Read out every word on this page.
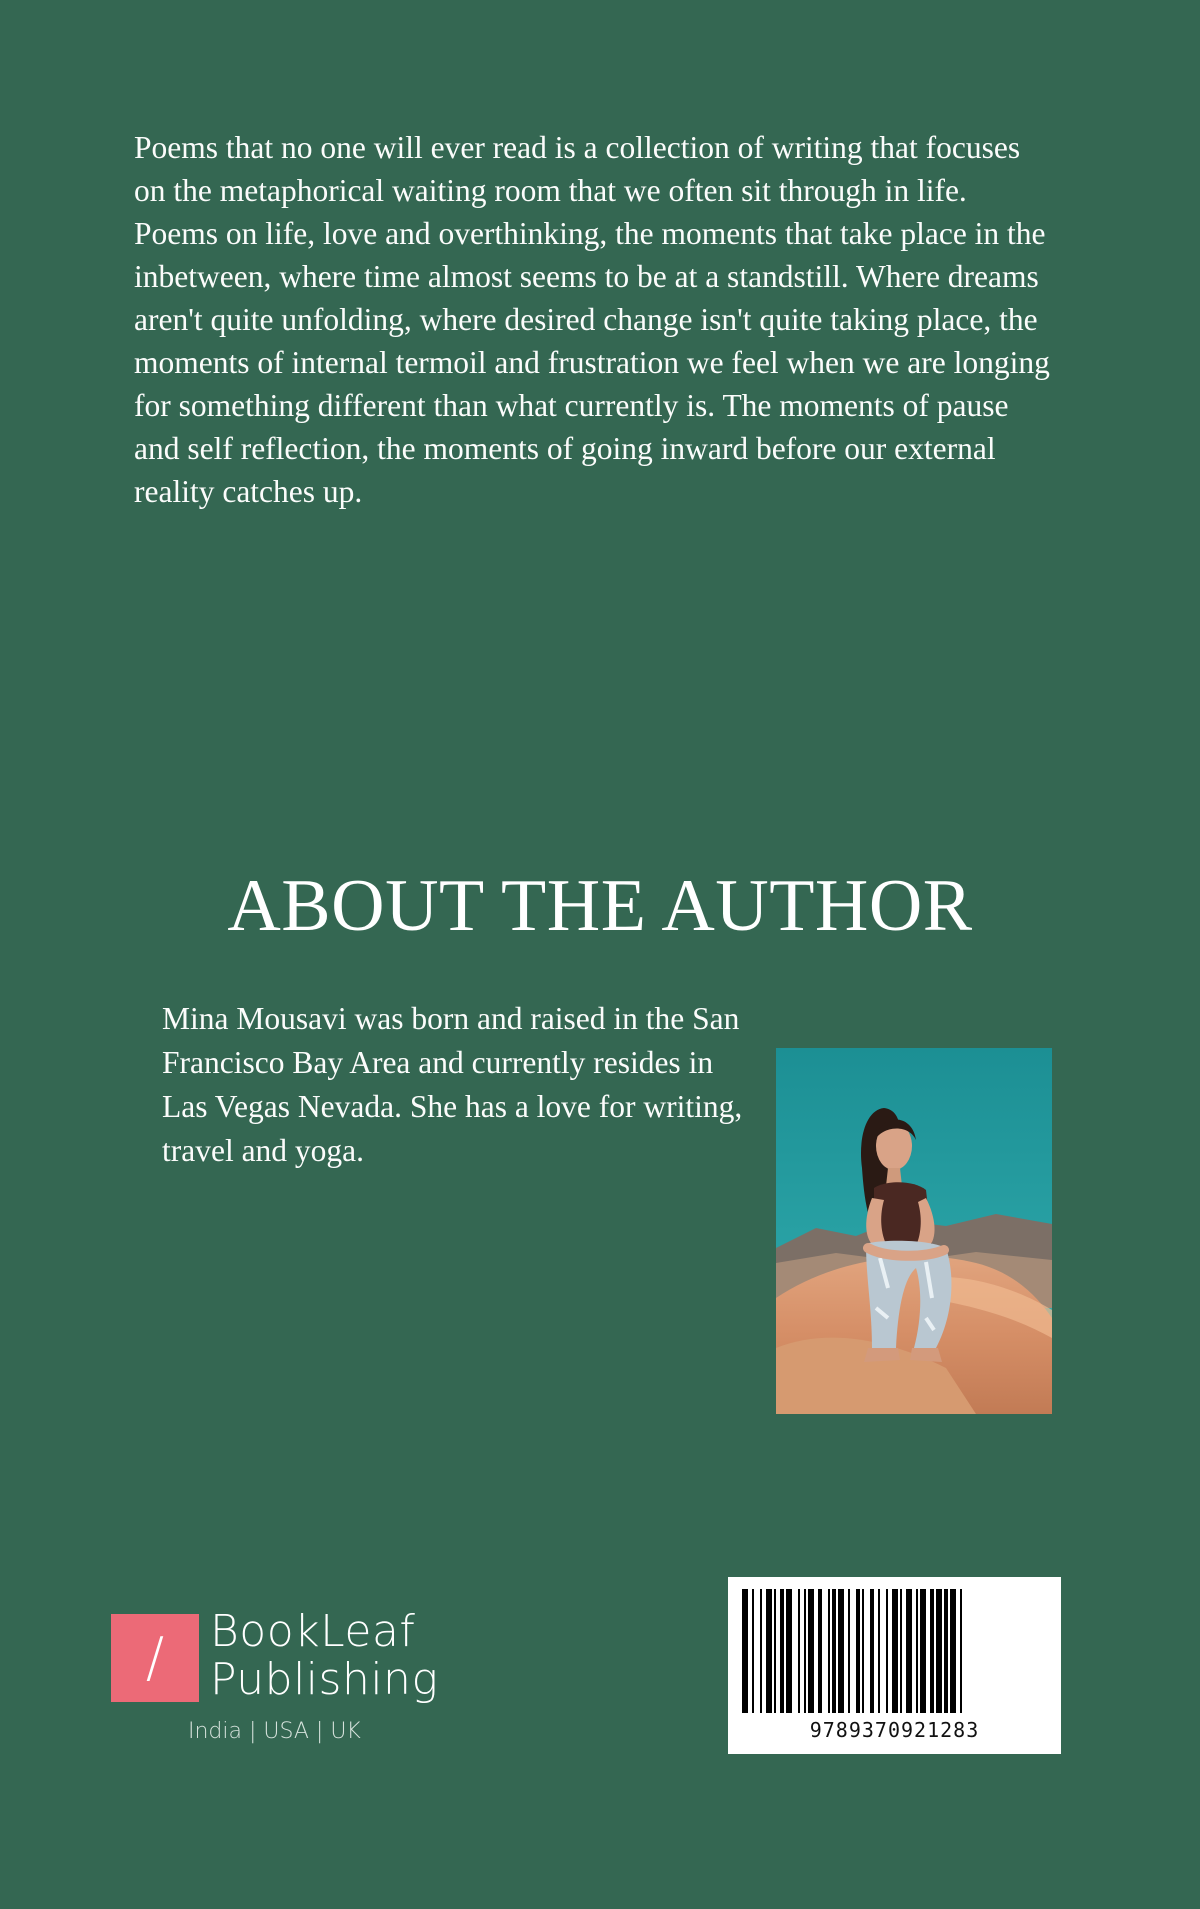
Poems that no one will ever read is a collection of writing that focuses
on the metaphorical waiting room that we often sit through in life.
Poems on life, love and overthinking, the moments that take place in the
inbetween, where time almost seems to be at a standstill. Where dreams
aren't quite unfolding, where desired change isn't quite taking place, the
moments of internal termoil and frustration we feel when we are longing
for something different than what currently is. The moments of pause
and self reflection, the moments of going inward before our external
reality catches up.

ABOUT THE AUTHOR

Mina Mousavi was born and raised in the San
Francisco Bay Area and currently resides in
Las Vegas Nevada. She has a love for writing,
travel and yoga.

/	BookLeaf
Publishing
India | USA | UK	9789370921283
